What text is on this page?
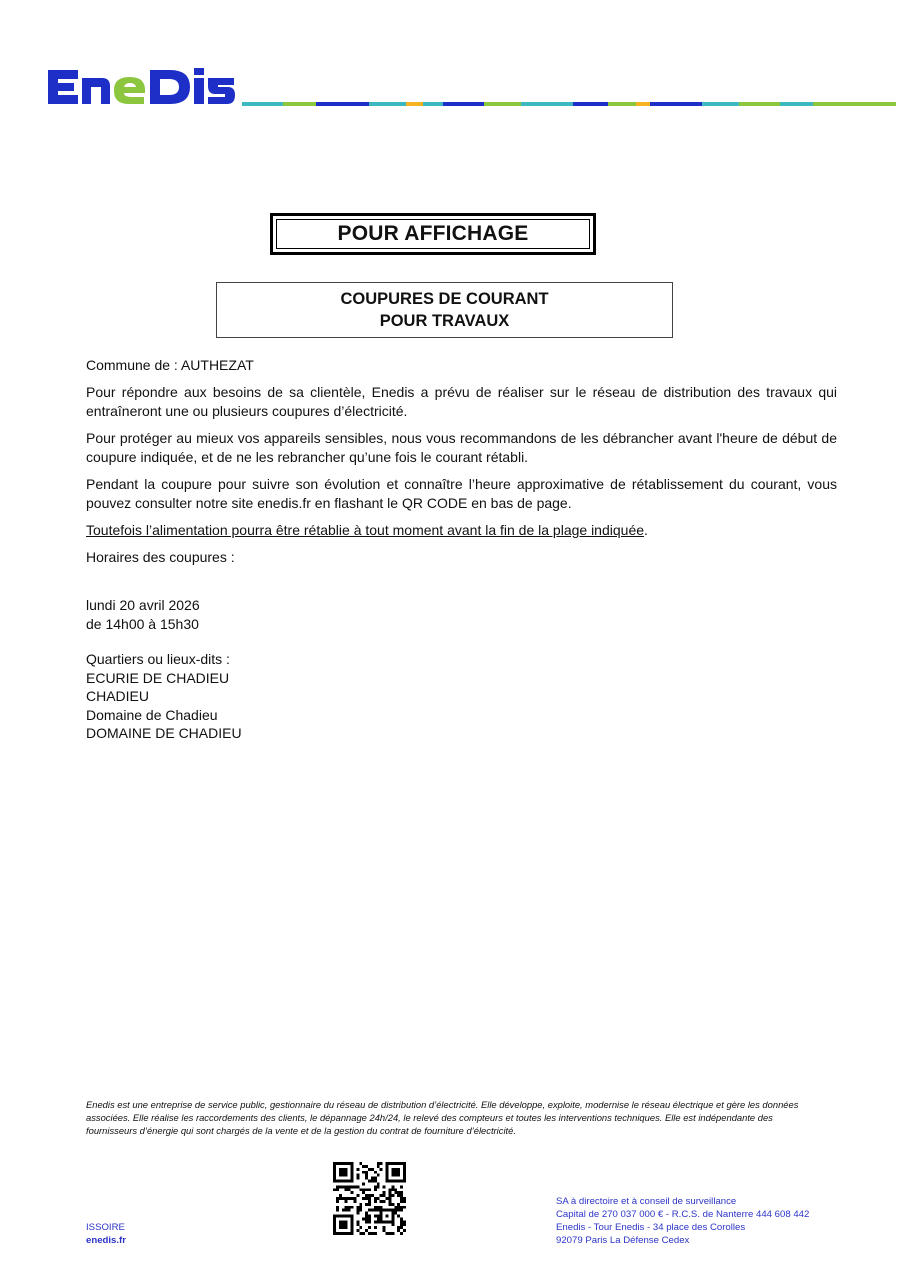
POUR AFFICHAGE
COUPURES DE COURANT
POUR TRAVAUX

Commune de : AUTHEZAT

Pour répondre aux besoins de sa clientèle, Enedis a prévu de réaliser sur le réseau de distribution des travaux qui entraîneront une ou plusieurs coupures d’électricité.

Pour protéger au mieux vos appareils sensibles, nous vous recommandons de les débrancher avant l'heure de début de coupure indiquée, et de ne les rebrancher qu’une fois le courant rétabli.

Pendant la coupure pour suivre son évolution et connaître l’heure approximative de rétablissement du courant, vous pouvez consulter notre site enedis.fr en flashant le QR CODE en bas de page.

Toutefois l’alimentation pourra être rétablie à tout moment avant la fin de la plage indiquée.

Horaires des coupures :

lundi 20 avril 2026
de 14h00 à 15h30
Quartiers ou lieux-dits :
ECURIE DE CHADIEU
CHADIEU
Domaine de Chadieu
DOMAINE DE CHADIEU
Enedis est une entreprise de service public, gestionnaire du réseau de distribution d’électricité. Elle développe, exploite, modernise le réseau électrique et gère les données associées. Elle réalise les raccordements des clients, le dépannage 24h/24, le relevé des compteurs et toutes les interventions techniques. Elle est indépendante des fournisseurs d’énergie qui sont chargés de la vente et de la gestion du contrat de fourniture d’électricité.
ISSOIRE
enedis.fr
SA à directoire et à conseil de surveillance
Capital de 270 037 000 € - R.C.S. de Nanterre 444 608 442
Enedis - Tour Enedis - 34 place des Corolles
92079 Paris La Défense Cedex
